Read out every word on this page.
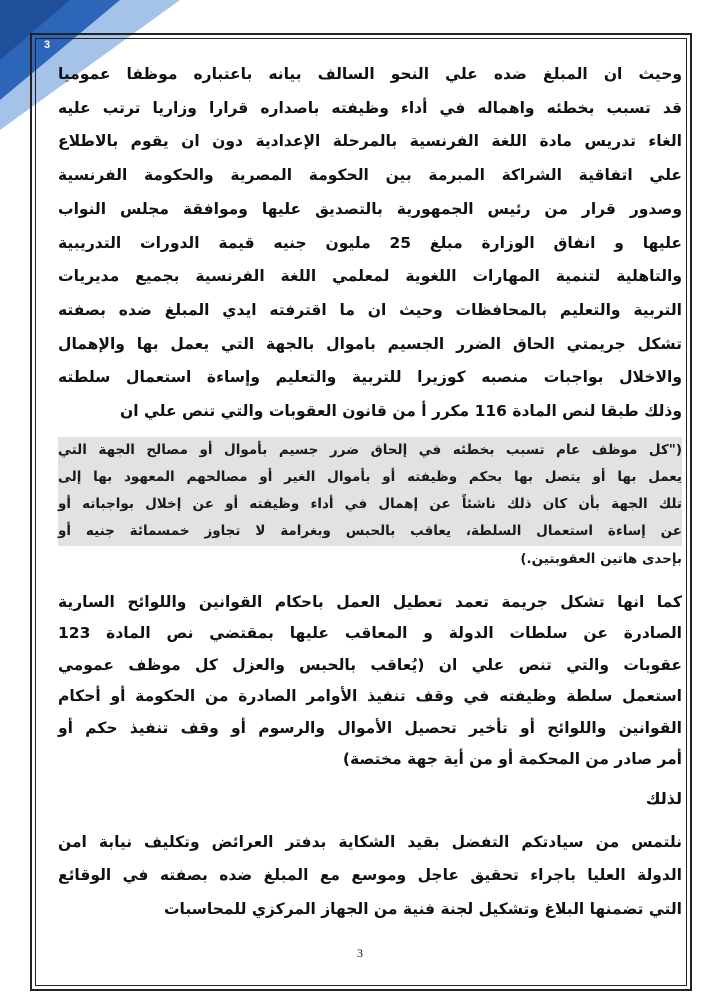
3

وحيث ان المبلغ ضده علي النحو السالف بيانه باعتباره موظفا عموميا
قد تسبب بخطئه واهماله في أداء وظيفته باصداره قرارا وزاريا ترتب عليه
الغاء تدريس مادة اللغة الفرنسية بالمرحلة الإعدادية دون ان يقوم بالاطلاع
علي اتفاقية الشراكة المبرمة بين الحكومة المصرية والحكومة الفرنسية
وصدور قرار من رئيس الجمهورية بالتصديق عليها وموافقة مجلس النواب
عليها و انفاق الوزارة مبلغ 25 مليون جنيه قيمة الدورات التدريبية
والتاهلية لتنمية المهارات اللغوية لمعلمي اللغة الفرنسية بجميع مديريات
التربية والتعليم بالمحافظات وحيث ان ما اقترفته ايدي المبلغ ضده بصفته
تشكل جريمتي الحاق الضرر الجسيم باموال بالجهة التي يعمل بها والإهمال
والاخلال بواجبات منصبه كوزيرا للتربية والتعليم وإساءة استعمال سلطته
وذلك طبقا لنص المادة 116 مكرر أ من قانون العقوبات والتي تنص علي ان

("كل موظف عام تسبب بخطئه في إلحاق ضرر جسيم بأموال أو مصالح الجهة التي
يعمل بها أو يتصل بها بحكم وظيفته أو بأموال الغير أو مصالحهم المعهود بها إلى
تلك الجهة بأن كان ذلك ناشئاً عن إهمال في أداء وظيفته أو عن إخلال بواجباته أو
عن إساءة استعمال السلطة، يعاقب بالحبس وبغرامة لا تجاوز خمسمائة جنيه أو
بإحدى هاتين العقوبتين.)

كما انها تشكل جريمة تعمد تعطيل العمل باحكام القوانين واللوائح السارية
الصادرة عن سلطات الدولة و المعاقب عليها بمقتضي نص المادة 123
عقوبات والتي تنص علي ان (يُعاقب بالحبس والعزل كل موظف عمومي
استعمل سلطة وظيفته في وقف تنفيذ الأوامر الصادرة من الحكومة أو أحكام
القوانين واللوائح أو تأخير تحصيل الأموال والرسوم أو وقف تنفيذ حكم أو
أمر صادر من المحكمة أو من أية جهة مختصة)

لذلك

نلتمس من سيادتكم التفضل بقيد الشكاية بدفتر العرائض وتكليف نيابة امن
الدولة العليا باجراء تحقيق عاجل وموسع مع المبلغ ضده بصفته في الوقائع
التي تضمنها البلاغ وتشكيل لجنة فنية من الجهاز المركزي للمحاسبات

3
